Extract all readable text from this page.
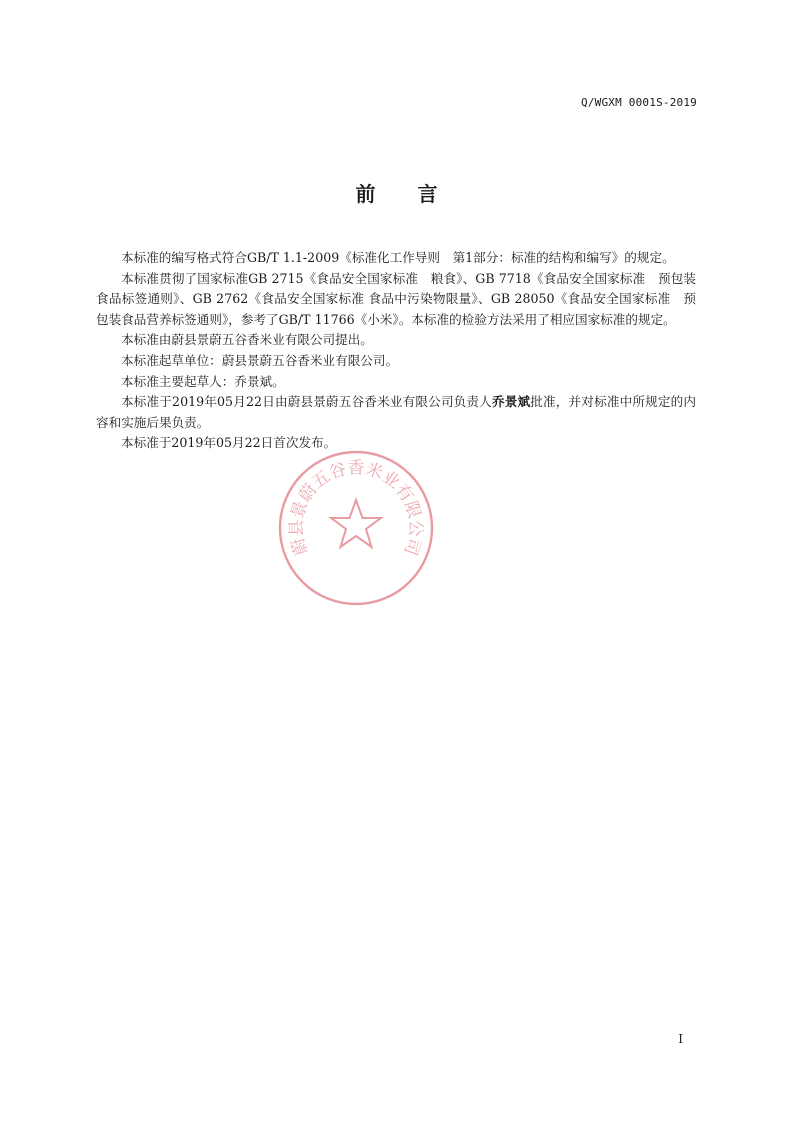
Q/WGXM 0001S-2019
前 言

本标准的编写格式符合GB/T 1.1-2009《标准化工作导则　第1部分：标准的结构和编写》的规定。

本标准贯彻了国家标准GB 2715《食品安全国家标准　粮食》、GB 7718《食品安全国家标准　预包装食品标签通则》、GB 2762《食品安全国家标准 食品中污染物限量》、GB 28050《食品安全国家标准　预包装食品营养标签通则》，参考了GB/T 11766《小米》。本标准的检验方法采用了相应国家标准的规定。

本标准由蔚县景蔚五谷香米业有限公司提出。

本标准起草单位：蔚县景蔚五谷香米业有限公司。

本标准主要起草人：乔景斌。

本标准于2019年05月22日由蔚县景蔚五谷香米业有限公司负责人乔景斌批准，并对标准中所规定的内容和实施后果负责。

本标准于2019年05月22日首次发布。

蔚县景蔚五谷香米业有限公司
I
